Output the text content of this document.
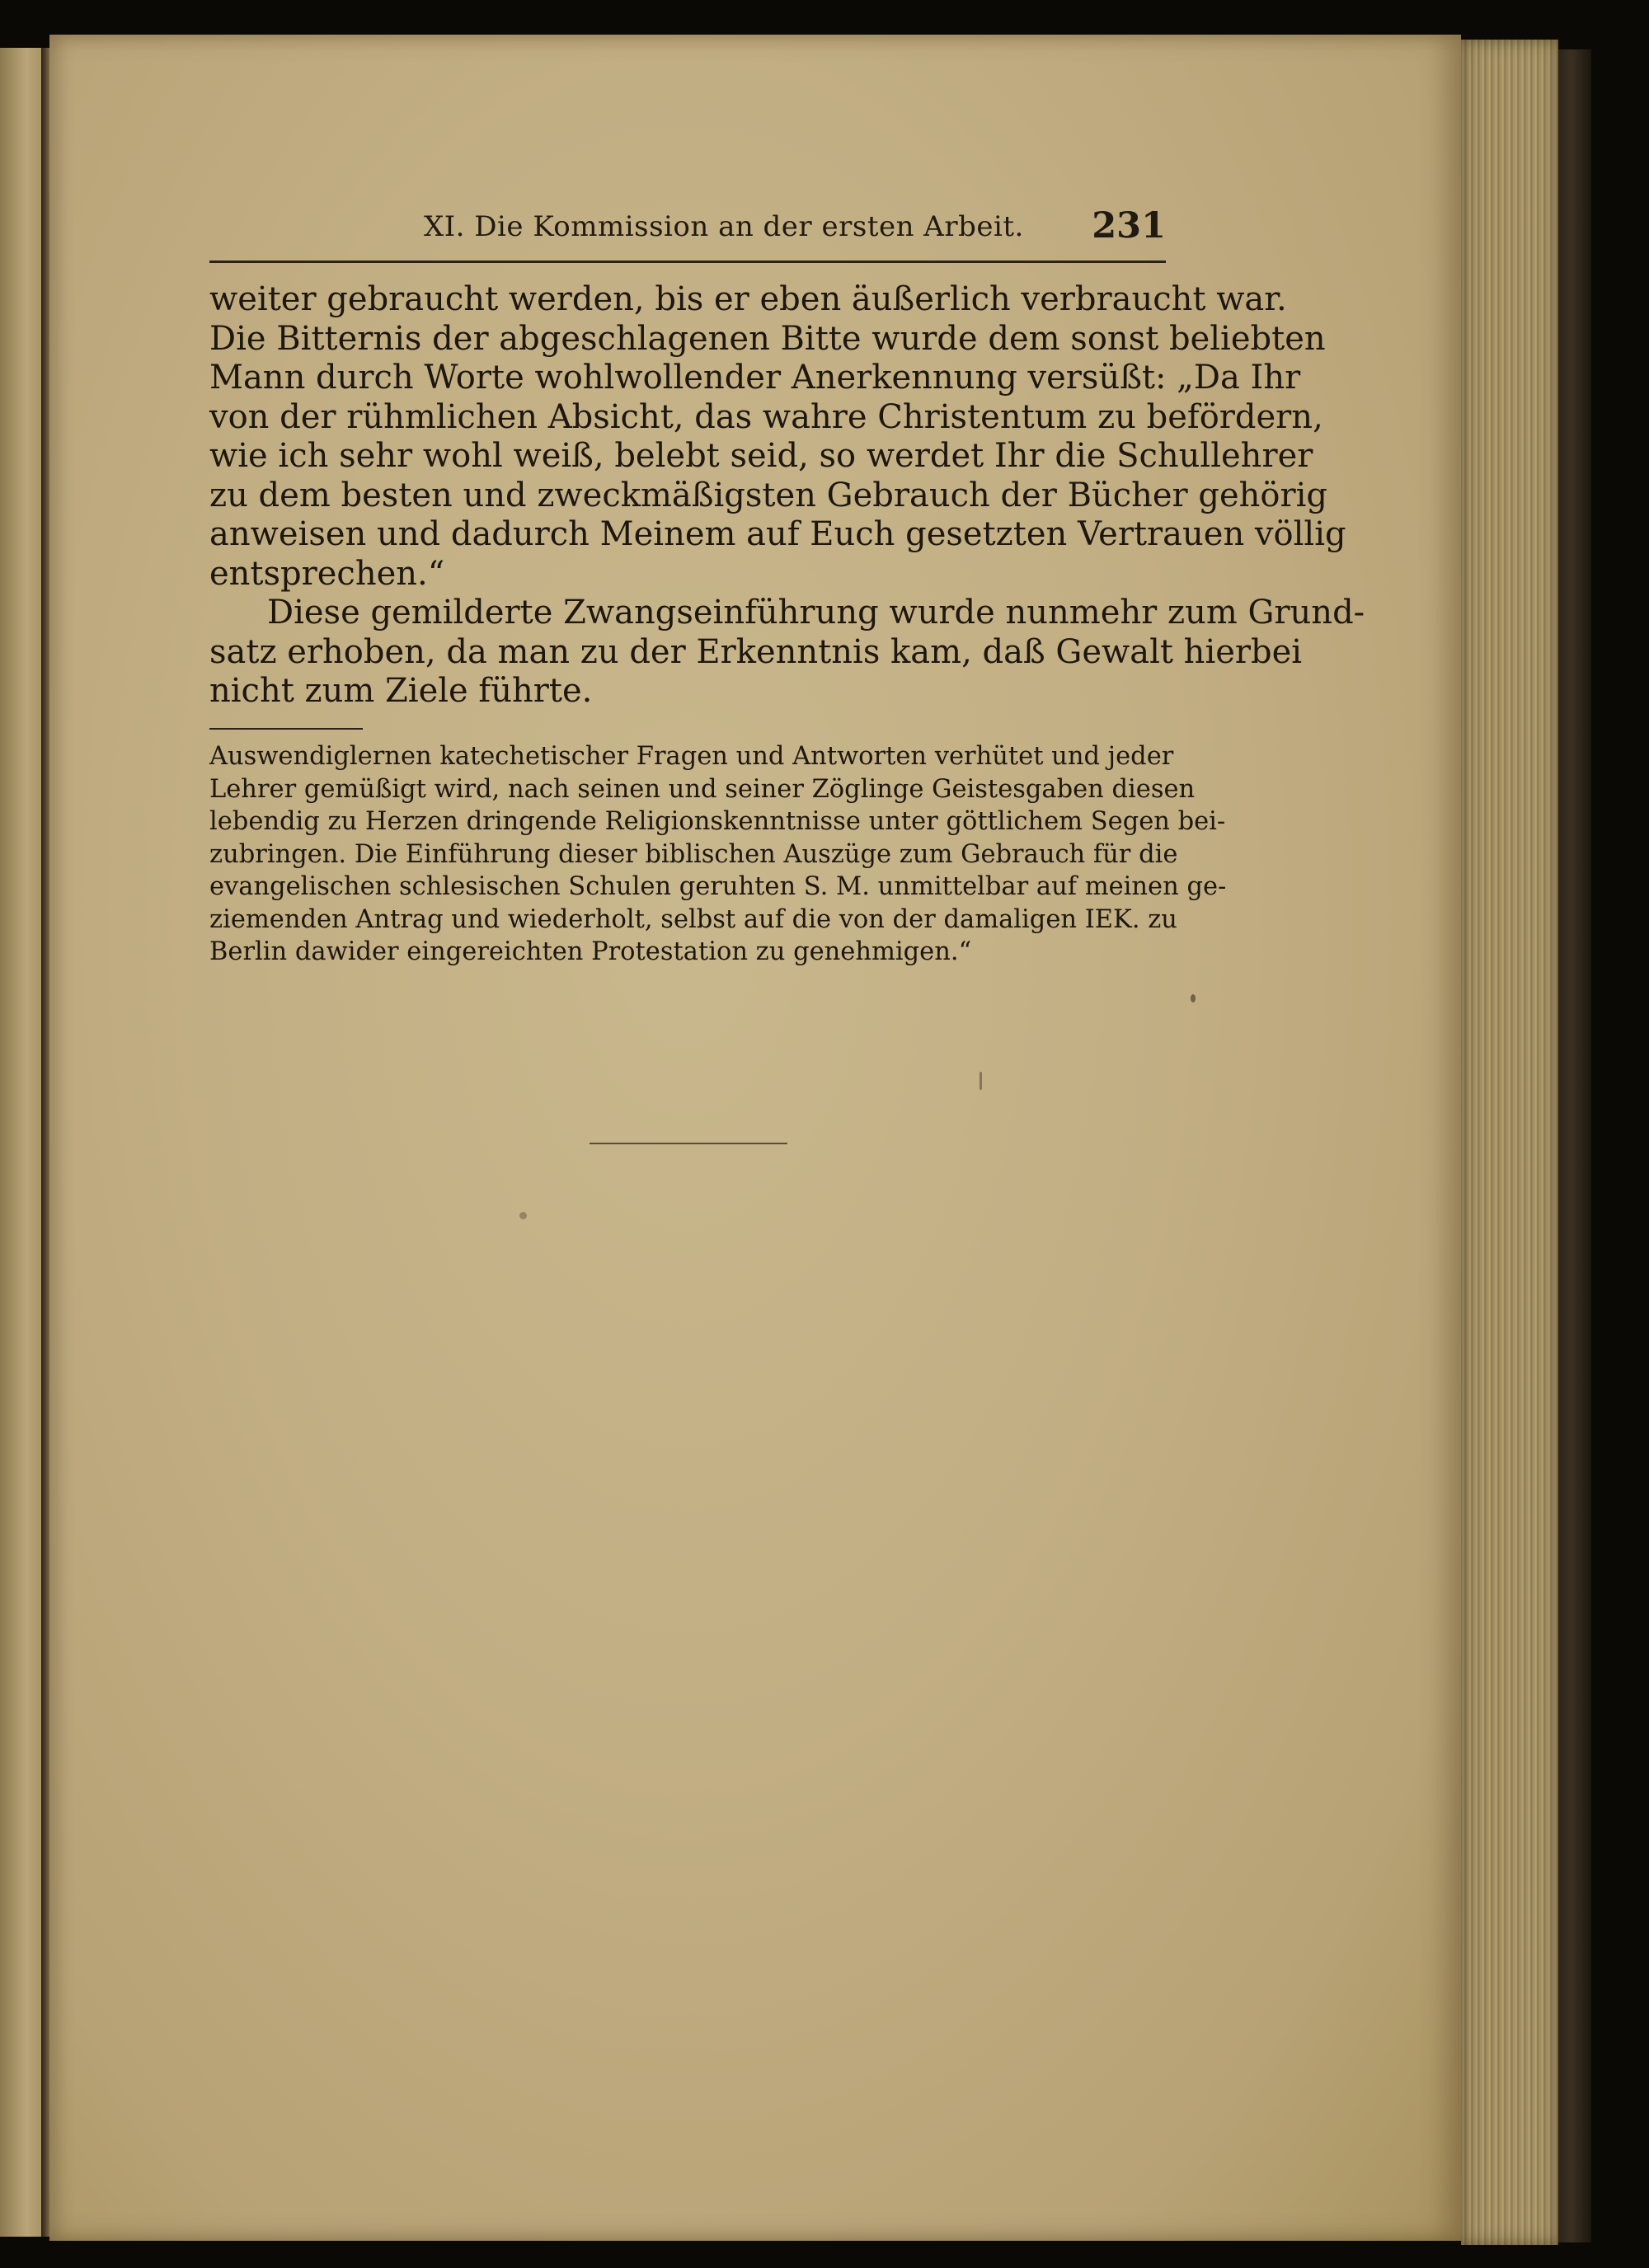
XI. Die Kommission an der ersten Arbeit. 231
weiter gebraucht werden, bis er eben äußerlich verbraucht war.
Die Bitternis der abgeschlagenen Bitte wurde dem sonst beliebten
Mann durch Worte wohlwollender Anerkennung versüßt: „Da Ihr
von der rühmlichen Absicht, das wahre Christentum zu befördern,
wie ich sehr wohl weiß, belebt seid, so werdet Ihr die Schullehrer
zu dem besten und zweckmäßigsten Gebrauch der Bücher gehörig
anweisen und dadurch Meinem auf Euch gesetzten Vertrauen völlig
entsprechen.“
Diese gemilderte Zwangseinführung wurde nunmehr zum Grund-
satz erhoben, da man zu der Erkenntnis kam, daß Gewalt hierbei
nicht zum Ziele führte.
Auswendiglernen katechetischer Fragen und Antworten verhütet und jeder
Lehrer gemüßigt wird, nach seinen und seiner Zöglinge Geistesgaben diesen
lebendig zu Herzen dringende Religionskenntnisse unter göttlichem Segen bei-
zubringen. Die Einführung dieser biblischen Auszüge zum Gebrauch für die
evangelischen schlesischen Schulen geruhten S. M. unmittelbar auf meinen ge-
ziemenden Antrag und wiederholt, selbst auf die von der damaligen IEK. zu
Berlin dawider eingereichten Protestation zu genehmigen.“
